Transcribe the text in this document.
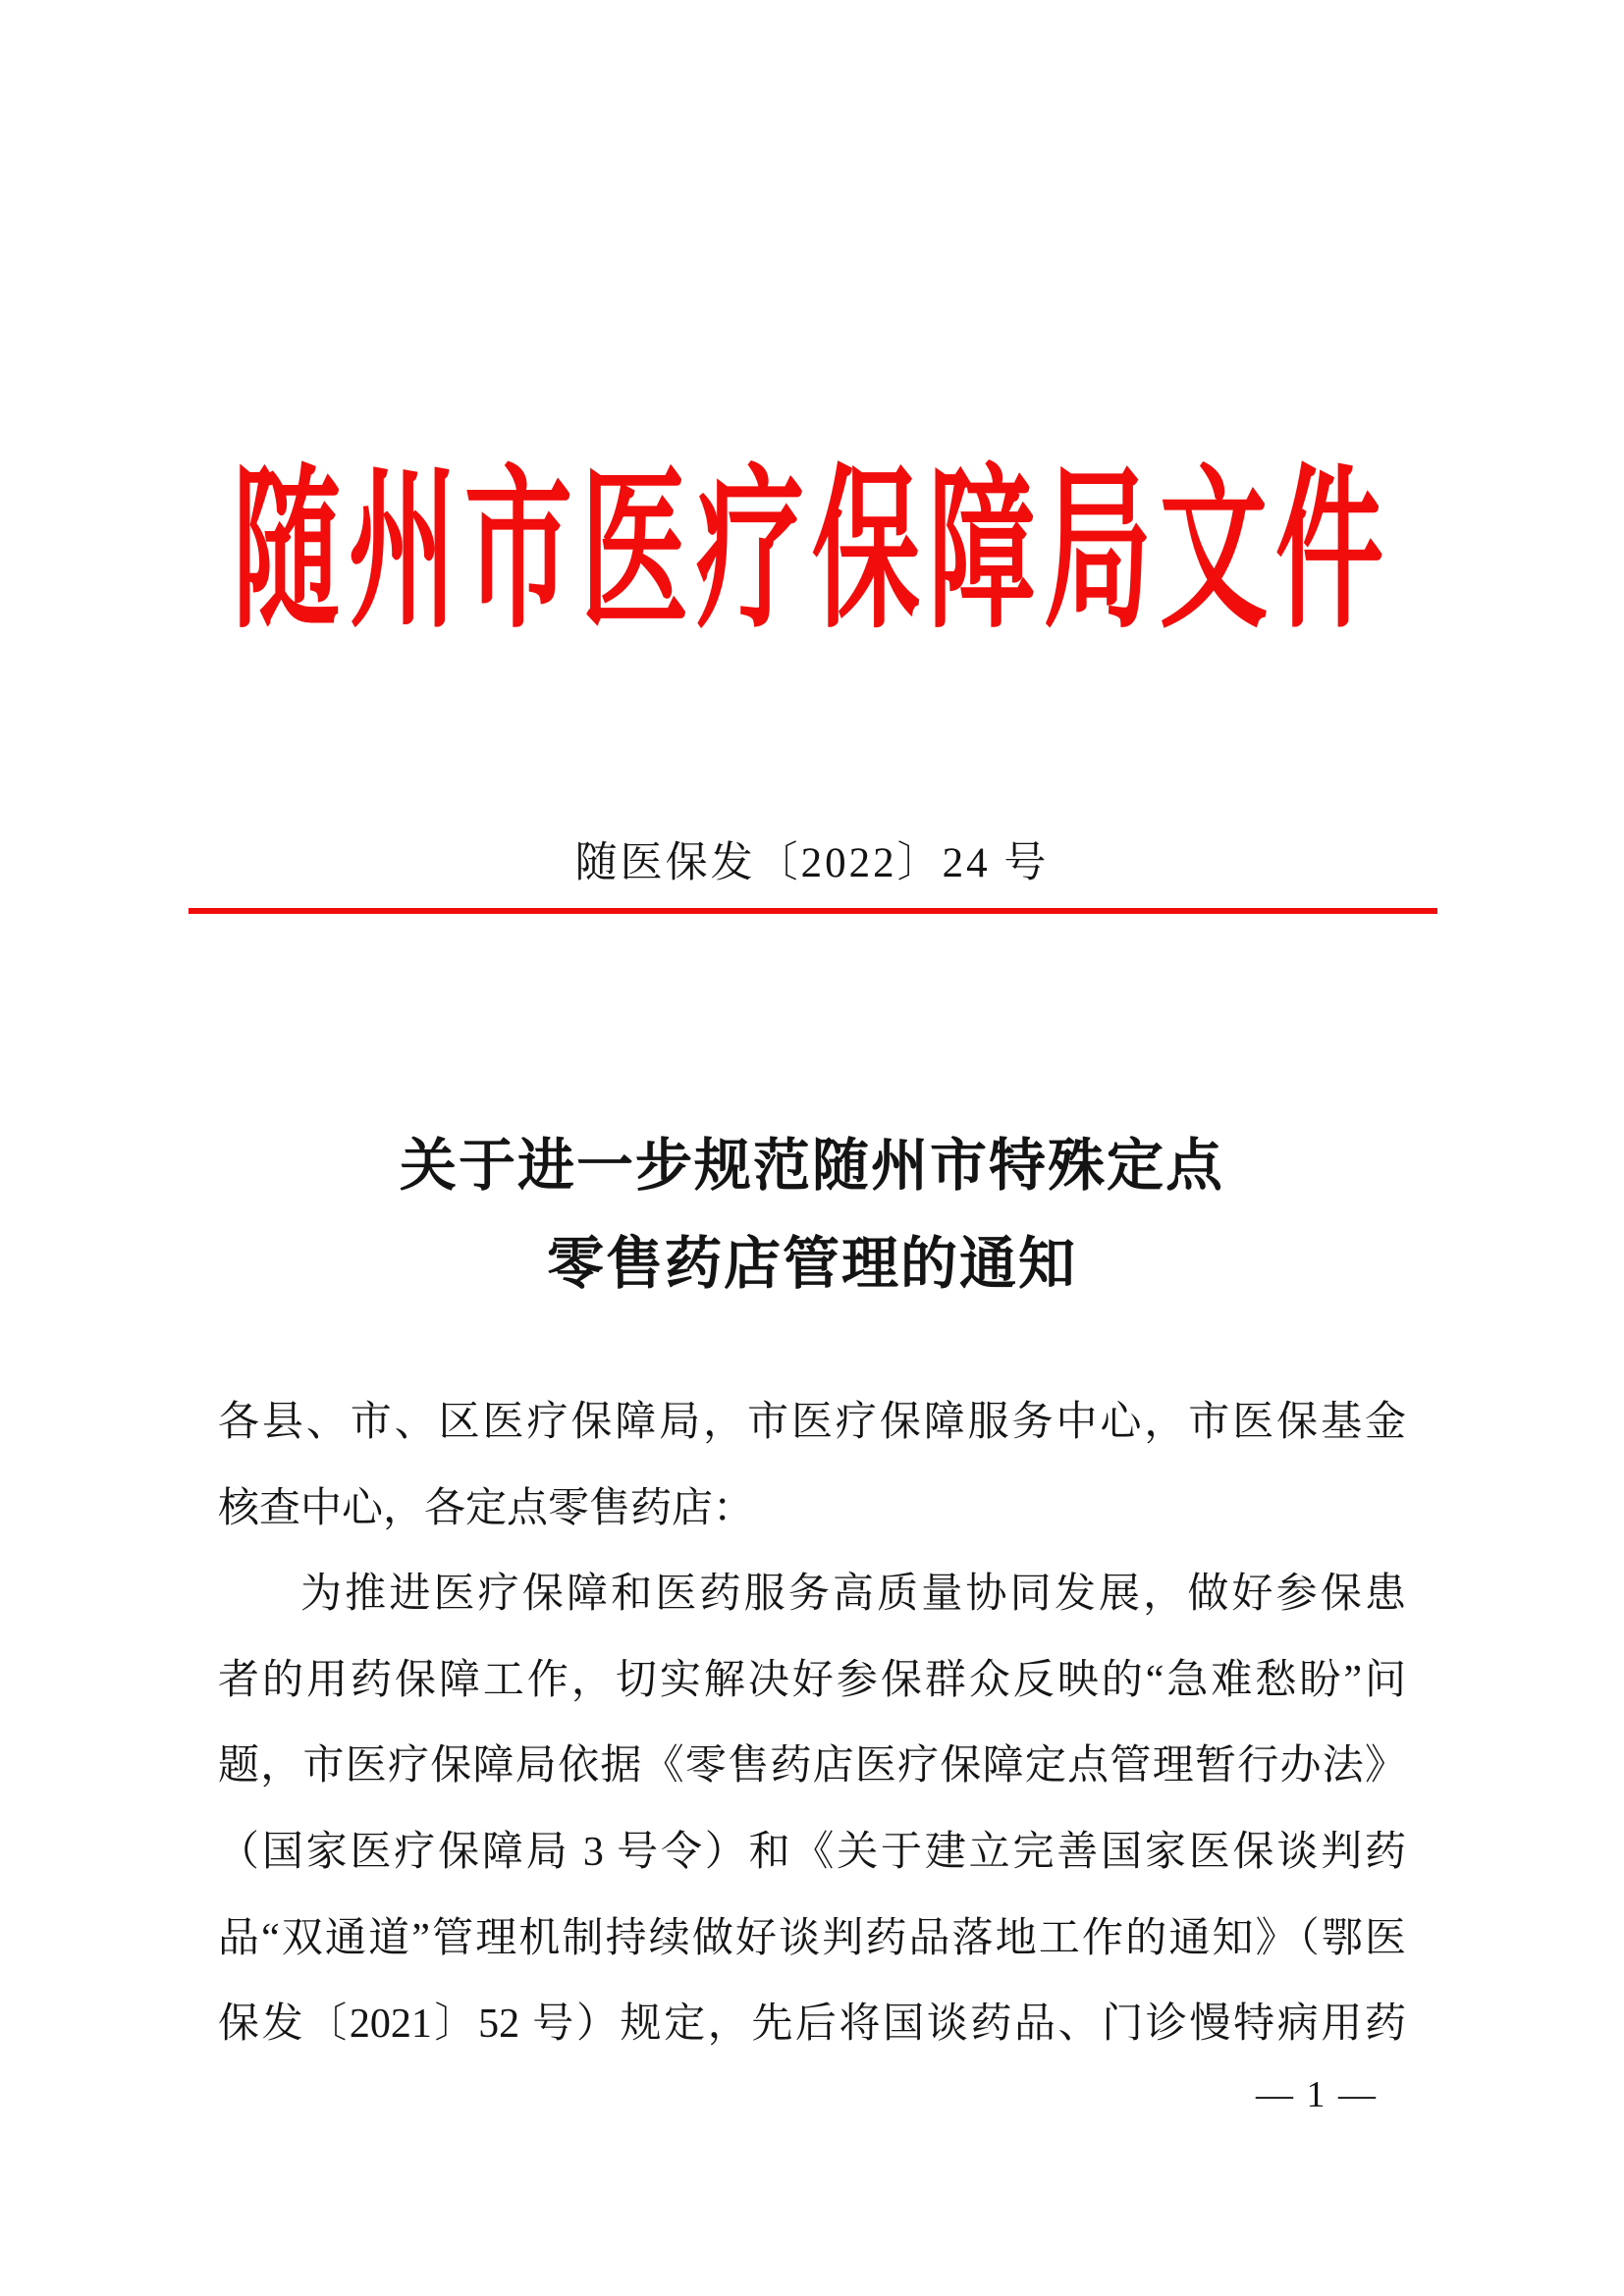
随州市医疗保障局文件
随医保发〔2022〕24 号
关于进一步规范随州市特殊定点
零售药店管理的通知
各县、市、区医疗保障局，市医疗保障服务中心，市医保基金
核查中心，各定点零售药店：
为推进医疗保障和医药服务高质量协同发展，做好参保患
者的用药保障工作，切实解决好参保群众反映的“急难愁盼”问
题，市医疗保障局依据《零售药店医疗保障定点管理暂行办法》
（国家医疗保障局 3 号令）和《关于建立完善国家医保谈判药
品“双通道”管理机制持续做好谈判药品落地工作的通知》（鄂医
保发〔2021〕52 号）规定，先后将国谈药品、门诊慢特病用药
— 1 —
